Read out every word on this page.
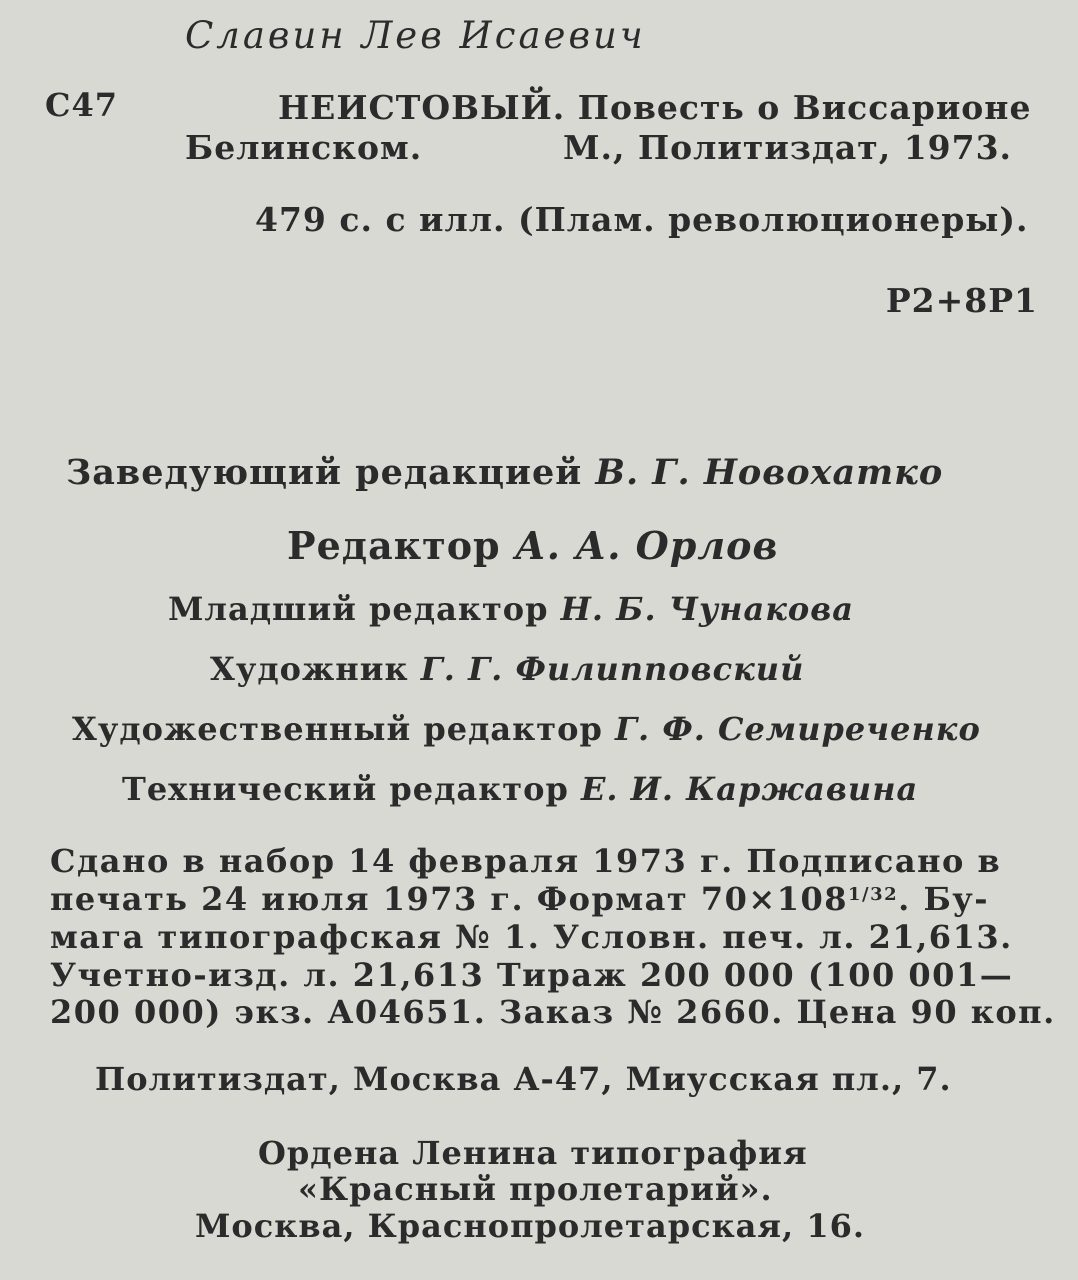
Славин Лев Исаевич
С47	НЕИСТОВЫЙ. Повесть о Виссарионе
Белинском.	М., Политиздат, 1973.
479 с. с илл. (Плам. революционеры).
Р2+8Р1
Заведующий редакцией В. Г. Новохатко
Редактор А. А. Орлов
Младший редактор Н. Б. Чунакова
Художник Г. Г. Филипповский
Художественный редактор Г. Ф. Семиреченко
Технический редактор Е. И. Каржавина
Сдано в набор 14 февраля 1973 г. Подписано в
печать 24 июля 1973 г. Формат $70\times 108^{1/32}$. Бу-
мага типографская № 1. Условн. печ. л. 21,613.
Учетно-изд. л. 21,613 Тираж 200 000 (100 001—
200 000) экз. А04651. Заказ № 2660. Цена 90 коп.
Политиздат, Москва А-47, Миусская пл., 7.
Ордена Ленина типография
«Красный пролетарий».
Москва, Краснопролетарская, 16.
